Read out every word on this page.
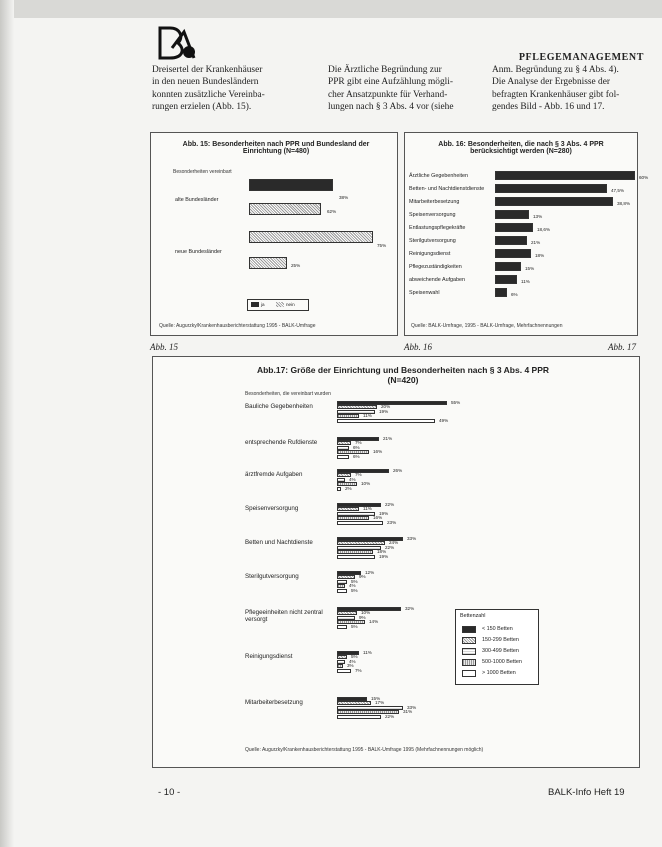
PFLEGEMANAGEMENT
Dreisertel der Krankenhäuser
in den neuen Bundesländern
konnten zusätzliche Vereinba-
rungen erzielen (Abb. 15).
Die Ärztliche Begründung zur
PPR gibt eine Aufzählung mögli-
cher Ansatzpunkte für Verhand-
lungen nach § 3 Abs. 4 vor (siehe
Anm. Begründung zu § 4 Abs. 4).
Die Analyse der Ergebnisse der
befragten Krankenhäuser gibt fol-
gendes Bild - Abb. 16 und 17.
Abb. 15: Besonderheiten nach PPR und Bundesland der Einrichtung (N=480)
Besonderheiten vereinbart
alte Bundesländer
neue Bundesländer
38%
62%
75%
25%
ja	nein
Quelle: Augurzky/Krankenhausberichterstattung 1995 - BALK-Umfrage
Abb. 16: Besonderheiten, die nach § 3 Abs. 4 PPR berücksichtigt werden (N=280)
Ärztliche Gegebenheiten	60%
Betten- und Nachtdienstdienste	47,5%
Mitarbeiterbesetzung	38,8%
Speisenversorgung	13%
Entlastungspflegekräfte	18,6%
Sterilgutversorgung	21%
Reinigungsdienst	18%
Pflegezuständigkeiten	15%
abweichende Aufgaben	11%
Speisenwahl	6%
Quelle: BALK-Umfrage, 1995 - BALK-Umfrage, Mehrfachnennungen
Abb. 15	Abb. 16	Abb. 17
Abb.17: Größe der Einrichtung und Besonderheiten nach § 3 Abs. 4 PPR (N=420)
Besonderheiten, die vereinbart wurden
Bauliche Gegebenheiten
55%
20%
19%
11%
49%
entsprechende Rufdienste
21%
7%
6%
16%
6%
ärztfremde Aufgaben
26%
7%
4%
10%
2%
Speisenversorgung
22%
11%
19%
16%
23%
Betten und Nachtdienste
33%
24%
22%
18%
19%
Sterilgutversorgung
12%
9%
5%
4%
5%
Pflegeeinheiten nicht zentral versorgt
32%
10%
9%
14%
5%
Reinigungsdienst
11%
5%
4%
3%
7%
Mitarbeiterbesetzung
15%
17%
33%
31%
22%
Bettenzahl
< 150 Betten
150-299 Betten
300-499 Betten
500-1000 Betten
> 1000 Betten
Quelle: Augurzky/Krankenhausberichterstattung 1995 - BALK-Umfrage 1995 (Mehrfachnennungen möglich)
- 10 -	BALK-Info Heft 19
